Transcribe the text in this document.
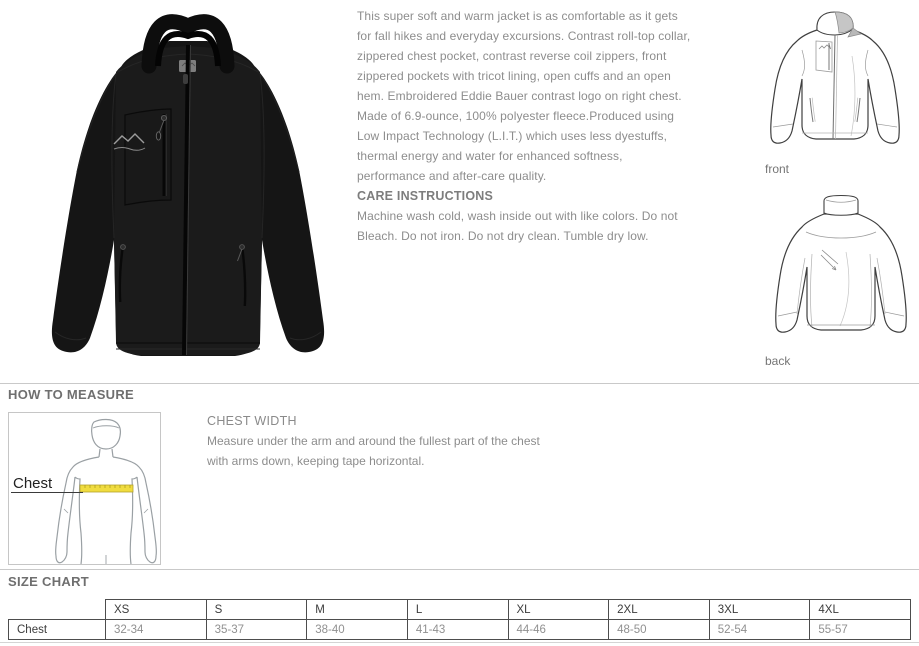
This super soft and warm jacket is as comfortable as it gets
for fall hikes and everyday excursions. Contrast roll-top collar,
zippered chest pocket, contrast reverse coil zippers, front
zippered pockets with tricot lining, open cuffs and an open
hem. Embroidered Eddie Bauer contrast logo on right chest.
Made of 6.9-ounce, 100% polyester fleece.Produced using
Low Impact Technology (L.I.T.) which uses less dyestuffs,
thermal energy and water for enhanced softness,
performance and after-care quality.
CARE INSTRUCTIONS
Machine wash cold, wash inside out with like colors. Do not
Bleach. Do not iron. Do not dry clean. Tumble dry low.
front
back
HOW TO MEASURE
Chest
CHEST WIDTH
Measure under the arm and around the fullest part of the chest
with arms down, keeping tape horizontal.
SIZE CHART
	XS	S	M	L	XL	2XL	3XL	4XL
Chest	32-34	35-37	38-40	41-43	44-46	48-50	52-54	55-57
